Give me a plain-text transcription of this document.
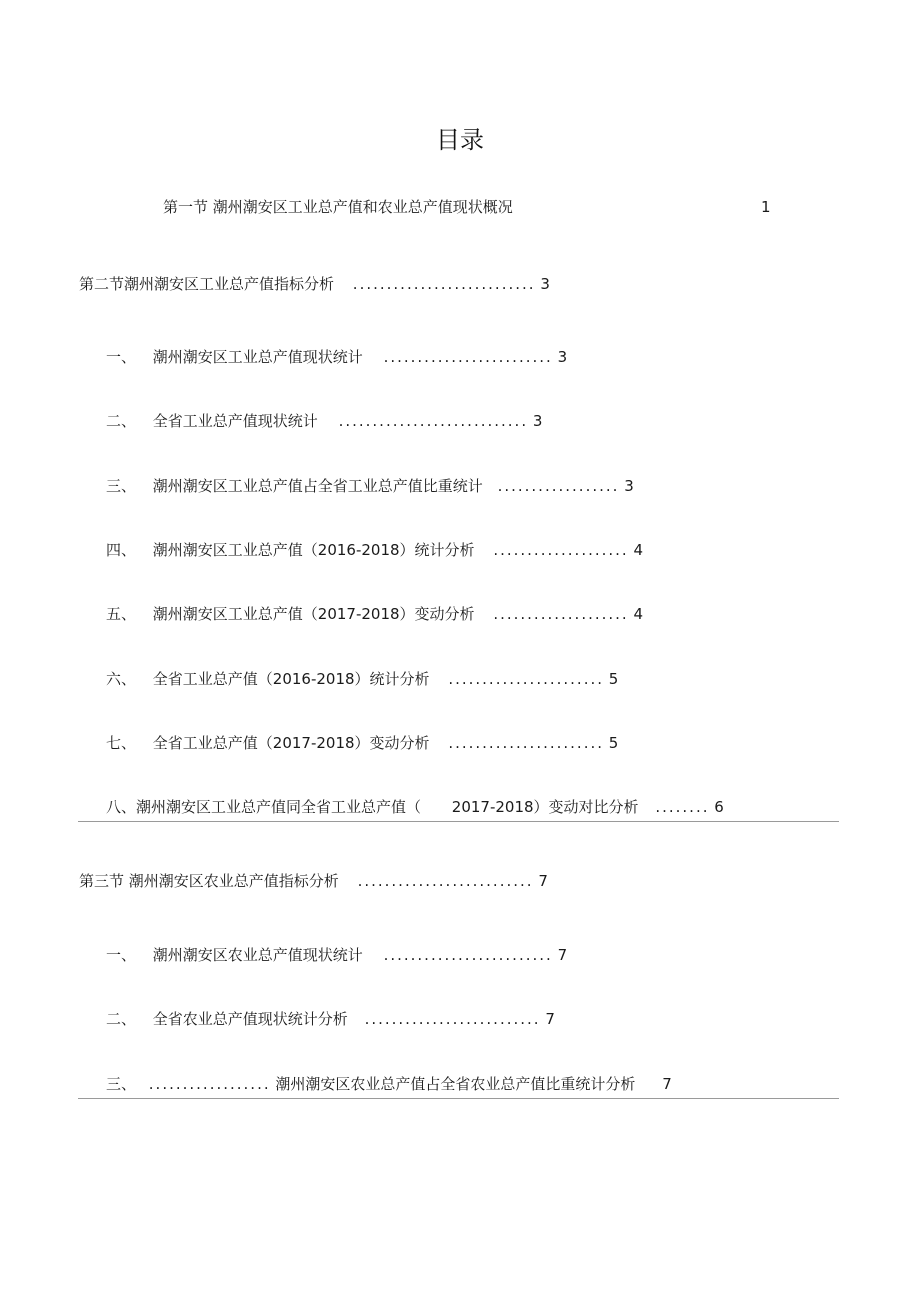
目录
第一节 潮州潮安区工业总产值和农业总产值现状概况	1
第二节潮州潮安区工业总产值指标分析 ........................... 3
一、 潮州潮安区工业总产值现状统计 ......................... 3
二、 全省工业总产值现状统计 ............................ 3
三、 潮州潮安区工业总产值占全省工业总产值比重统计 .................. 3
四、 潮州潮安区工业总产值（2016-2018）统计分析 .................... 4
五、 潮州潮安区工业总产值（2017-2018）变动分析 .................... 4
六、 全省工业总产值（2016-2018）统计分析 ....................... 5
七、 全省工业总产值（2017-2018）变动分析 ....................... 5
八、潮州潮安区工业总产值同全省工业总产值（ 2017-2018）变动对比分析 ........ 6
第三节 潮州潮安区农业总产值指标分析 .......................... 7
一、 潮州潮安区农业总产值现状统计 ......................... 7
二、 全省农业总产值现状统计分析 .......................... 7
三、 .................. 潮州潮安区农业总产值占全省农业总产值比重统计分析 7
